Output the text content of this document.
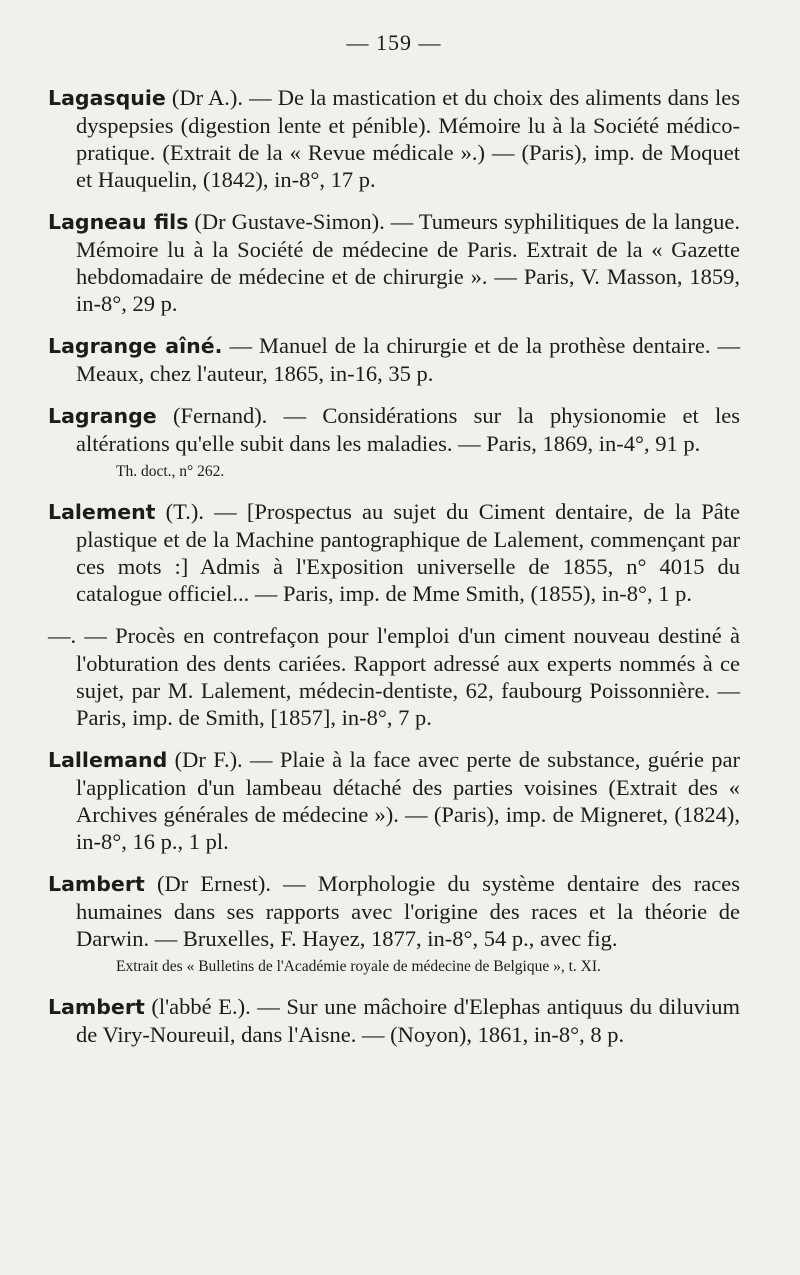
— 159 —
Lagasquie (Dr A.). — De la mastication et du choix des aliments dans les dyspepsies (digestion lente et pénible). Mémoire lu à la Société médico-pratique. (Extrait de la « Revue médicale ».) — (Paris), imp. de Moquet et Hauquelin, (1842), in-8°, 17 p.
Lagneau fils (Dr Gustave-Simon). — Tumeurs syphilitiques de la langue. Mémoire lu à la Société de médecine de Paris. Extrait de la « Gazette hebdomadaire de médecine et de chirurgie ». — Paris, V. Masson, 1859, in-8°, 29 p.
Lagrange aîné. — Manuel de la chirurgie et de la prothèse dentaire. — Meaux, chez l'auteur, 1865, in-16, 35 p.
Lagrange (Fernand). — Considérations sur la physionomie et les altérations qu'elle subit dans les maladies. — Paris, 1869, in-4°, 91 p.
Th. doct., n° 262.
Lalement (T.). — [Prospectus au sujet du Ciment dentaire, de la Pâte plastique et de la Machine pantographique de Lalement, commençant par ces mots :] Admis à l'Exposition universelle de 1855, n° 4015 du catalogue officiel... — Paris, imp. de Mme Smith, (1855), in-8°, 1 p.
—. — Procès en contrefaçon pour l'emploi d'un ciment nouveau destiné à l'obturation des dents cariées. Rapport adressé aux experts nommés à ce sujet, par M. Lalement, médecin-dentiste, 62, faubourg Poissonnière. — Paris, imp. de Smith, [1857], in-8°, 7 p.
Lallemand (Dr F.). — Plaie à la face avec perte de substance, guérie par l'application d'un lambeau détaché des parties voisines (Extrait des « Archives générales de médecine »). — (Paris), imp. de Migneret, (1824), in-8°, 16 p., 1 pl.
Lambert (Dr Ernest). — Morphologie du système dentaire des races humaines dans ses rapports avec l'origine des races et la théorie de Darwin. — Bruxelles, F. Hayez, 1877, in-8°, 54 p., avec fig.
Extrait des « Bulletins de l'Académie royale de médecine de Belgique », t. XI.
Lambert (l'abbé E.). — Sur une mâchoire d'Elephas antiquus du diluvium de Viry-Noureuil, dans l'Aisne. — (Noyon), 1861, in-8°, 8 p.
